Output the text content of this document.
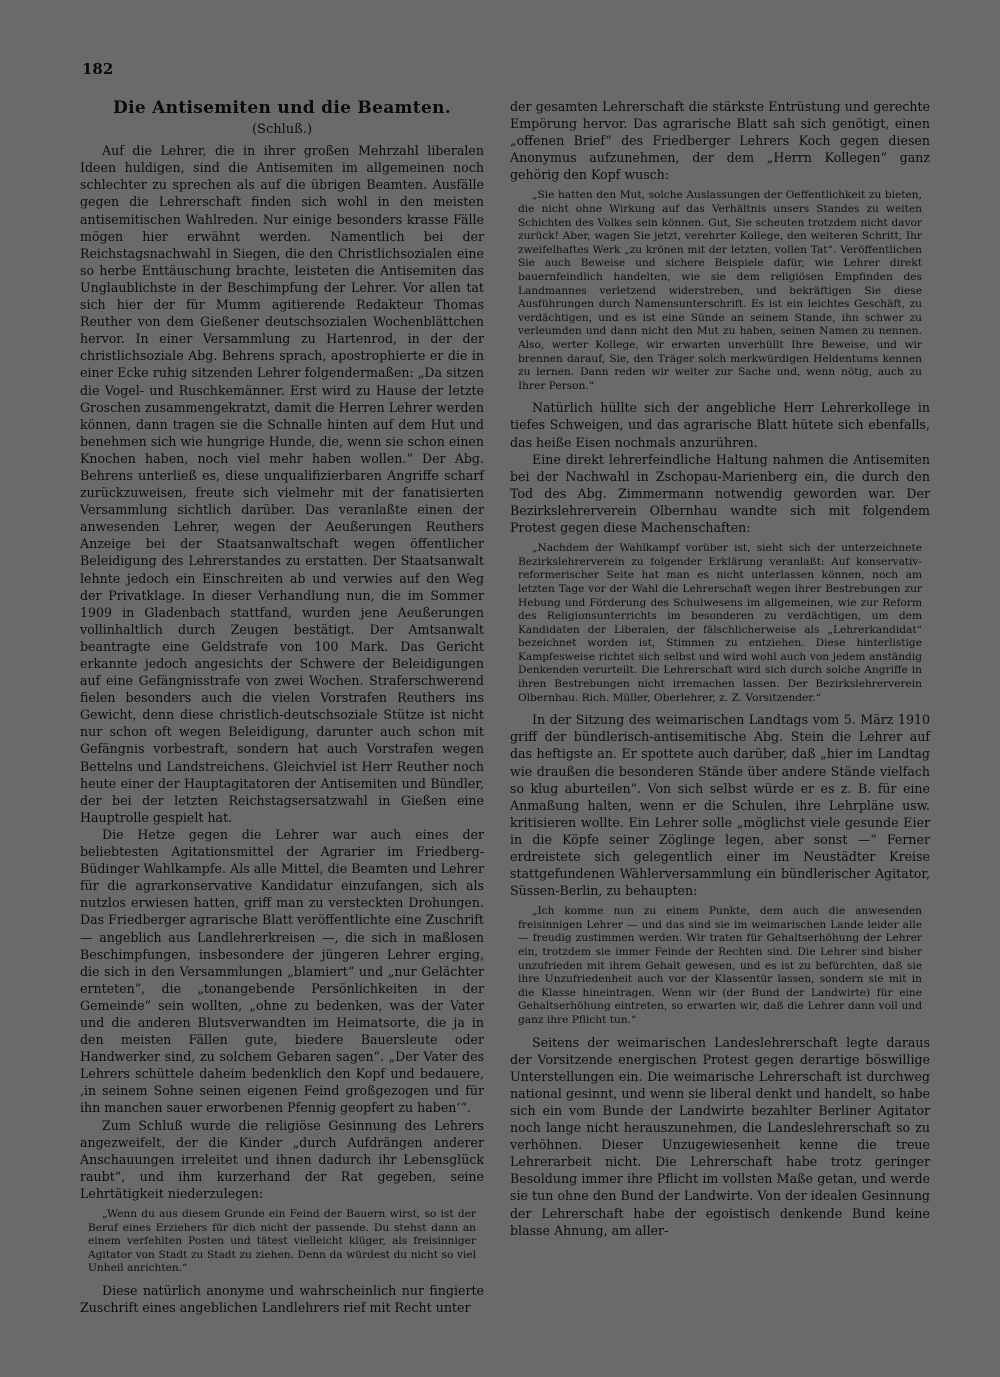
182
Die Antisemiten und die Beamten.
(Schluß.)

Auf die Lehrer, die in ihrer großen Mehrzahl liberalen Ideen huldigen, sind die Antisemiten im allgemeinen noch schlechter zu sprechen als auf die übrigen Beamten. Ausfälle gegen die Lehrerschaft finden sich wohl in den meisten antisemitischen Wahlreden. Nur einige besonders krasse Fälle mögen hier erwähnt werden. Namentlich bei der Reichstagsnachwahl in Siegen, die den Christlichsozialen eine so herbe Enttäuschung brachte, leisteten die Antisemiten das Unglaublichste in der Beschimpfung der Lehrer. Vor allen tat sich hier der für Mumm agitierende Redakteur Thomas Reuther von dem Gießener deutschsozialen Wochenblättchen hervor. In einer Versammlung zu Hartenrod, in der der christlichsoziale Abg. Behrens sprach, apostrophierte er die in einer Ecke ruhig sitzenden Lehrer folgendermaßen: „Da sitzen die Vogel- und Ruschkemänner. Erst wird zu Hause der letzte Groschen zusammengekratzt, damit die Herren Lehrer werden können, dann tragen sie die Schnalle hinten auf dem Hut und benehmen sich wie hungrige Hunde, die, wenn sie schon einen Knochen haben, noch viel mehr haben wollen.“ Der Abg. Behrens unterließ es, diese unqualifizierbaren Angriffe scharf zurückzuweisen, freute sich vielmehr mit der fanatisierten Versammlung sichtlich darüber. Das veranlaßte einen der anwesenden Lehrer, wegen der Aeußerungen Reuthers Anzeige bei der Staatsanwaltschaft wegen öffentlicher Beleidigung des Lehrerstandes zu erstatten. Der Staatsanwalt lehnte jedoch ein Einschreiten ab und verwies auf den Weg der Privatklage. In dieser Verhandlung nun, die im Sommer 1909 in Gladenbach stattfand, wurden jene Aeußerungen vollinhaltlich durch Zeugen bestätigt. Der Amtsanwalt beantragte eine Geldstrafe von 100 Mark. Das Gericht erkannte jedoch angesichts der Schwere der Beleidigungen auf eine Gefängnisstrafe von zwei Wochen. Straferschwerend fielen besonders auch die vielen Vorstrafen Reuthers ins Gewicht, denn diese christlich-deutschsoziale Stütze ist nicht nur schon oft wegen Beleidigung, darunter auch schon mit Gefängnis vorbestraft, sondern hat auch Vorstrafen wegen Bettelns und Landstreichens. Gleichviel ist Herr Reuther noch heute einer der Hauptagitatoren der Antisemiten und Bündler, der bei der letzten Reichstagsersatzwahl in Gießen eine Hauptrolle gespielt hat.

Die Hetze gegen die Lehrer war auch eines der beliebtesten Agitationsmittel der Agrarier im Friedberg-Büdinger Wahlkampfe. Als alle Mittel, die Beamten und Lehrer für die agrarkonservative Kandidatur einzufangen, sich als nutzlos erwiesen hatten, griff man zu versteckten Drohungen. Das Friedberger agrarische Blatt veröffentlichte eine Zuschrift — angeblich aus Landlehrerkreisen —, die sich in maßlosen Beschimpfungen, insbesondere der jüngeren Lehrer erging, die sich in den Versammlungen „blamiert“ und „nur Gelächter ernteten“, die „tonangebende Persönlichkeiten in der Gemeinde“ sein wollten, „ohne zu bedenken, was der Vater und die anderen Blutsverwandten im Heimatsorte, die ja in den meisten Fällen gute, biedere Bauersleute oder Handwerker sind, zu solchem Gebaren sagen“. „Der Vater des Lehrers schüttele daheim bedenklich den Kopf und bedauere, ‚in seinem Sohne seinen eigenen Feind großgezogen und für ihn manchen sauer erworbenen Pfennig geopfert zu haben‘“.

Zum Schluß wurde die religiöse Gesinnung des Lehrers angezweifelt, der die Kinder „durch Aufdrängen anderer Anschauungen irreleitet und ihnen dadurch ihr Lebensglück raubt“, und ihm kurzerhand der Rat gegeben, seine Lehrtätigkeit niederzulegen:

„Wenn du aus diesem Grunde ein Feind der Bauern wirst, so ist der Beruf eines Erziehers für dich nicht der passende. Du stehst dann an einem verfehlten Posten und tätest vielleicht klüger, als freisinniger Agitator von Stadt zu Stadt zu ziehen. Denn da würdest du nicht so viel Unheil anrichten.“

Diese natürlich anonyme und wahrscheinlich nur fingierte Zuschrift eines angeblichen Landlehrers rief mit Recht unter

der gesamten Lehrerschaft die stärkste Entrüstung und gerechte Empörung hervor. Das agrarische Blatt sah sich genötigt, einen „offenen Brief“ des Friedberger Lehrers Koch gegen diesen Anonymus aufzunehmen, der dem „Herrn Kollegen“ ganz gehörig den Kopf wusch:

„Sie hatten den Mut, solche Auslassungen der Oeffentlichkeit zu bieten, die nicht ohne Wirkung auf das Verhältnis unsers Standes zu weiten Schichten des Volkes sein können. Gut, Sie scheuten trotzdem nicht davor zurück! Aber, wagen Sie jetzt, verehrter Kollege, den weiteren Schritt, Ihr zweifelhaftes Werk „zu krönen mit der letzten, vollen Tat“. Veröffentlichen Sie auch Beweise und sichere Beispiele dafür, wie Lehrer direkt bauernfeindlich handelten, wie sie dem religiösen Empfinden des Landmannes verletzend widerstreben, und bekräftigen Sie diese Ausführungen durch Namensunterschrift. Es ist ein leichtes Geschäft, zu verdächtigen, und es ist eine Sünde an seinem Stande, ihn schwer zu verleumden und dann nicht den Mut zu haben, seinen Namen zu nennen. Also, werter Kollege, wir erwarten unverhüllt Ihre Beweise, und wir brennen darauf, Sie, den Träger solch merkwürdigen Heldentums kennen zu lernen. Dann reden wir weiter zur Sache und, wenn nötig, auch zu Ihrer Person.“

Natürlich hüllte sich der angebliche Herr Lehrerkollege in tiefes Schweigen, und das agrarische Blatt hütete sich ebenfalls, das heiße Eisen nochmals anzurühren.

Eine direkt lehrerfeindliche Haltung nahmen die Antisemiten bei der Nachwahl in Zschopau-Marienberg ein, die durch den Tod des Abg. Zimmermann notwendig geworden war. Der Bezirkslehrerverein Olbernhau wandte sich mit folgendem Protest gegen diese Machenschaften:

„Nachdem der Wahlkampf vorüber ist, sieht sich der unterzeichnete Bezirkslehrerverein zu folgender Erklärung veranlaßt: Auf konservativ-reformerischer Seite hat man es nicht unterlassen können, noch am letzten Tage vor der Wahl die Lehrerschaft wegen ihrer Bestrebungen zur Hebung und Förderung des Schulwesens im allgemeinen, wie zur Reform des Religionsunterrichts im besonderen zu verdächtigen, um dem Kandidaten der Liberalen, der fälschlicherweise als „Lehrerkandidat“ bezeichnet worden ist, Stimmen zu entziehen. Diese hinterlistige Kampfesweise richtet sich selbst und wird wohl auch von jedem anständig Denkenden verurteilt. Die Lehrerschaft wird sich durch solche Angriffe in ihren Bestrebungen nicht irremachen lassen. Der Bezirkslehrerverein Olbernhau. Rich. Müller, Oberlehrer, z. Z. Vorsitzender.“

In der Sitzung des weimarischen Landtags vom 5. März 1910 griff der bündlerisch-antisemitische Abg. Stein die Lehrer auf das heftigste an. Er spottete auch darüber, daß „hier im Landtag wie draußen die besonderen Stände über andere Stände vielfach so klug aburteilen“. Von sich selbst würde er es z. B. für eine Anmaßung halten, wenn er die Schulen, ihre Lehrpläne usw. kritisieren wollte. Ein Lehrer solle „möglichst viele gesunde Eier in die Köpfe seiner Zöglinge legen, aber sonst —“ Ferner erdreistete sich gelegentlich einer im Neustädter Kreise stattgefundenen Wählerversammlung ein bündlerischer Agitator, Süssen-Berlin, zu behaupten:

„Ich komme nun zu einem Punkte, dem auch die anwesenden freisinnigen Lehrer — und das sind sie im weimarischen Lande leider alle — freudig zustimmen werden. Wir traten für Gehaltserhöhung der Lehrer ein, trotzdem sie immer Feinde der Rechten sind. Die Lehrer sind bisher unzufrieden mit ihrem Gehalt gewesen, und es ist zu befürchten, daß sie ihre Unzufriedenheit auch vor der Klassentür lassen, sondern sie mit in die Klasse hineintragen. Wenn wir (der Bund der Landwirte) für eine Gehaltserhöhung eintreten, so erwarten wir, daß die Lehrer dann voll und ganz ihre Pflicht tun.“

Seitens der weimarischen Landeslehrerschaft legte daraus der Vorsitzende energischen Protest gegen derartige böswillige Unterstellungen ein. Die weimarische Lehrerschaft ist durchweg national gesinnt, und wenn sie liberal denkt und handelt, so habe sich ein vom Bunde der Landwirte bezahlter Berliner Agitator noch lange nicht herauszunehmen, die Landeslehrerschaft so zu verhöhnen. Dieser Unzugewiesenheit kenne die treue Lehrerarbeit nicht. Die Lehrerschaft habe trotz geringer Besoldung immer ihre Pflicht im vollsten Maße getan, und werde sie tun ohne den Bund der Landwirte. Von der idealen Gesinnung der Lehrerschaft habe der egoistisch denkende Bund keine blasse Ahnung, am aller-
